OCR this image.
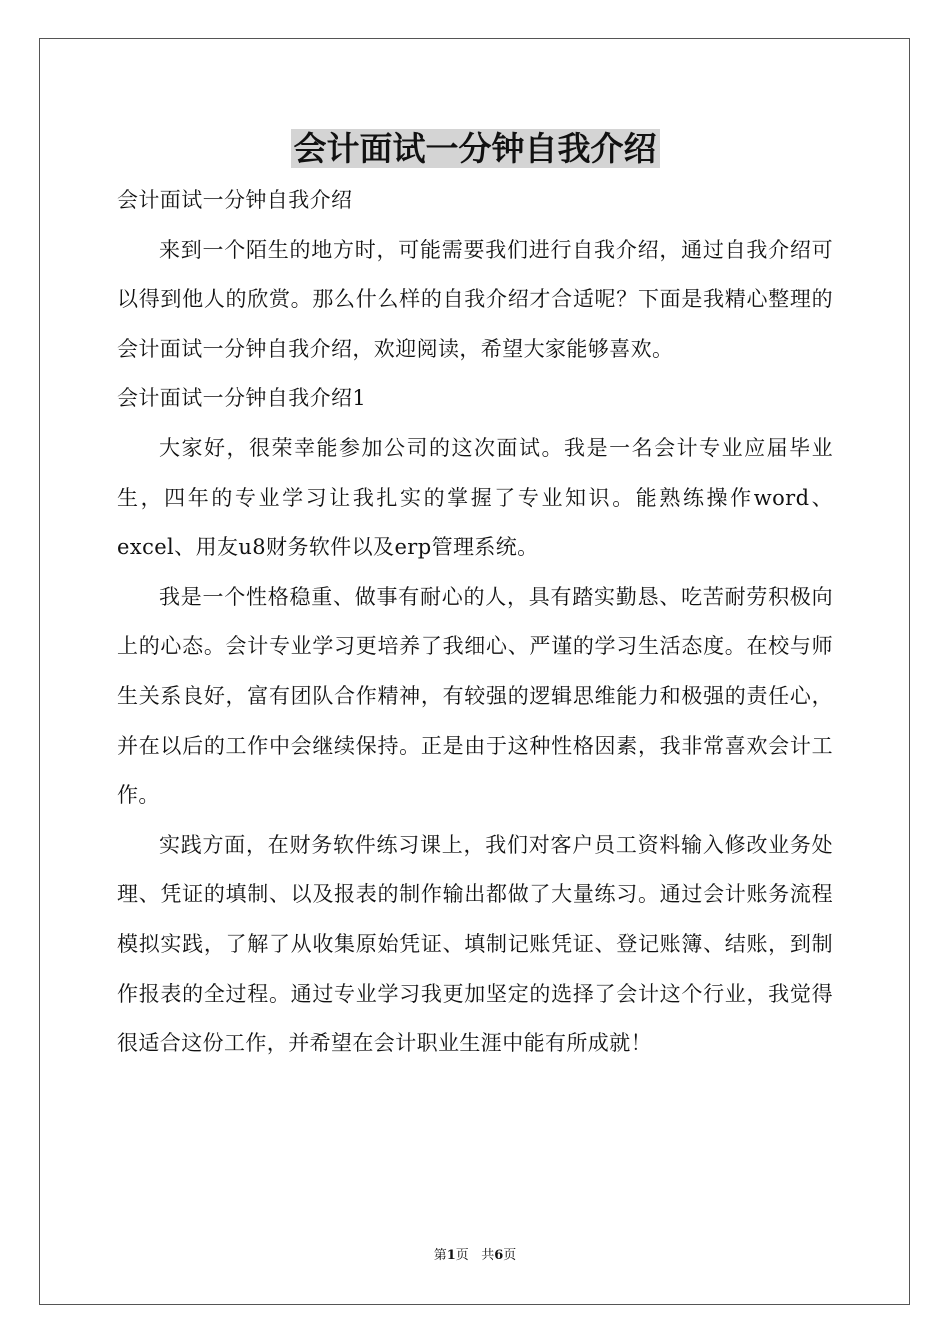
会计面试一分钟自我介绍

会计面试一分钟自我介绍

来到一个陌生的地方时，可能需要我们进行自我介绍，通过自我介绍可以得到他人的欣赏。那么什么样的自我介绍才合适呢？下面是我精心整理的会计面试一分钟自我介绍，欢迎阅读，希望大家能够喜欢。

会计面试一分钟自我介绍1

大家好，很荣幸能参加公司的这次面试。我是一名会计专业应届毕业生，四年的专业学习让我扎实的掌握了专业知识。能熟练操作word、excel、用友u8财务软件以及erp管理系统。

我是一个性格稳重、做事有耐心的人，具有踏实勤恳、吃苦耐劳积极向上的心态。会计专业学习更培养了我细心、严谨的学习生活态度。在校与师生关系良好，富有团队合作精神，有较强的逻辑思维能力和极强的责任心，并在以后的工作中会继续保持。正是由于这种性格因素，我非常喜欢会计工作。

实践方面，在财务软件练习课上，我们对客户员工资料输入修改业务处理、凭证的填制、以及报表的制作输出都做了大量练习。通过会计账务流程模拟实践，了解了从收集原始凭证、填制记账凭证、登记账簿、结账，到制作报表的全过程。通过专业学习我更加坚定的选择了会计这个行业，我觉得很适合这份工作，并希望在会计职业生涯中能有所成就！

第1页 共6页
